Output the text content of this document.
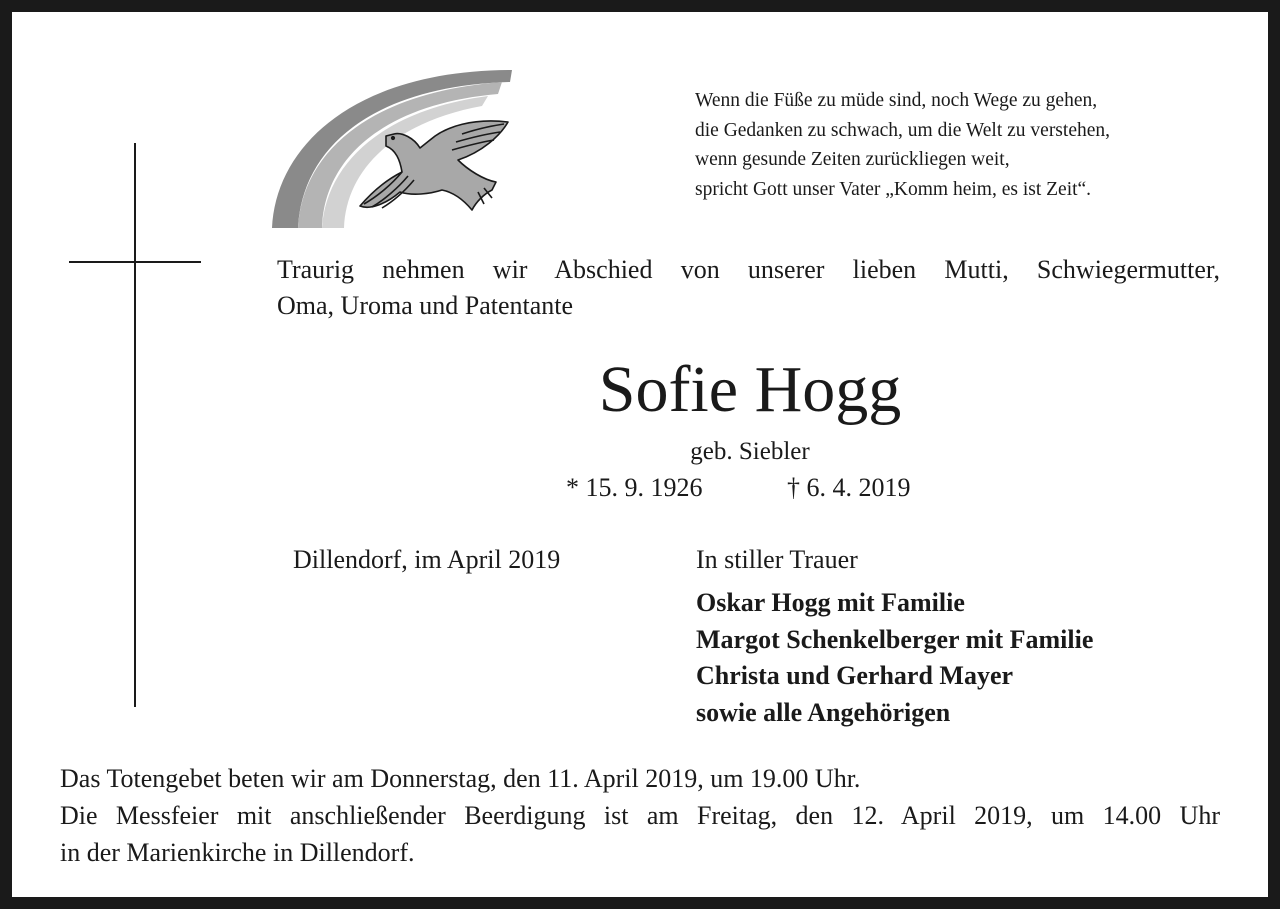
Wenn die Füße zu müde sind, noch Wege zu gehen,
die Gedanken zu schwach, um die Welt zu verstehen,
wenn gesunde Zeiten zurückliegen weit,
spricht Gott unser Vater „Komm heim, es ist Zeit“.
Traurig nehmen wir Abschied von unserer lieben Mutti, Schwiegermutter,
Oma, Uroma und Patentante
Sofie Hogg
geb. Siebler
* 15. 9. 1926	† 6. 4. 2019
Dillendorf, im April 2019	In stiller Trauer
Oskar Hogg mit Familie
Margot Schenkelberger mit Familie
Christa und Gerhard Mayer
sowie alle Angehörigen
Das Totengebet beten wir am Donnerstag, den 11. April 2019, um 19.00 Uhr.
Die Messfeier mit anschließender Beerdigung ist am Freitag, den 12. April 2019, um 14.00 Uhr
in der Marienkirche in Dillendorf.
